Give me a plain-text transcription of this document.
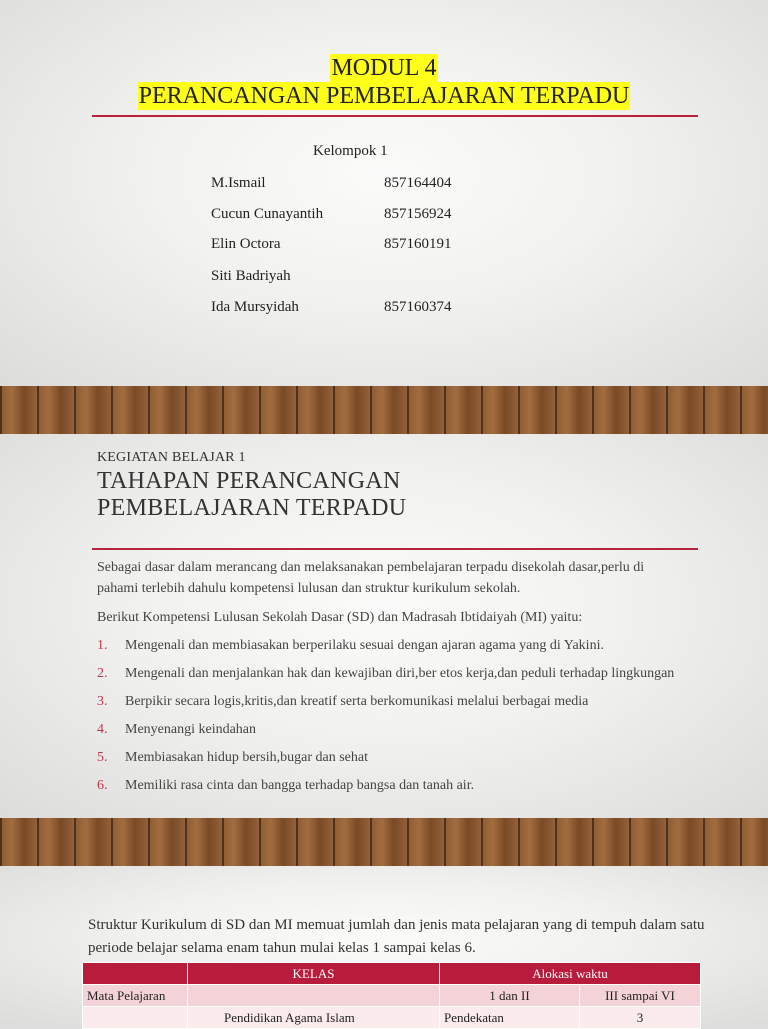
MODUL 4
PERANCANGAN PEMBELAJARAN TERPADU
Kelompok 1
M.Ismail	857164404
Cucun Cunayantih	857156924
Elin Octora	857160191
Siti Badriyah
Ida Mursyidah	857160374
KEGIATAN BELAJAR 1
TAHAPAN PERANCANGAN
PEMBELAJARAN TERPADU
Sebagai dasar dalam merancang dan melaksanakan pembelajaran terpadu disekolah dasar,perlu di pahami terlebih dahulu kompetensi lulusan dan struktur kurikulum sekolah.
Berikut Kompetensi Lulusan Sekolah Dasar (SD) dan Madrasah Ibtidaiyah (MI) yaitu:
1. Mengenali dan membiasakan berperilaku sesuai dengan ajaran agama yang di Yakini.
2. Mengenali dan menjalankan hak dan kewajiban diri,ber etos kerja,dan peduli terhadap lingkungan
3. Berpikir secara logis,kritis,dan kreatif serta berkomunikasi melalui berbagai media
4. Menyenangi keindahan
5. Membiasakan hidup bersih,bugar dan sehat
6. Memiliki rasa cinta dan bangga terhadap bangsa dan tanah air.
Struktur Kurikulum di SD dan MI memuat jumlah dan jenis mata pelajaran yang di tempuh dalam satu periode belajar selama enam tahun mulai kelas 1 sampai kelas 6.
	KELAS	Alokasi waktu	
Mata Pelajaran		1 dan II	III sampai VI
	Pendidikan Agama Islam	Pendekatan	3
